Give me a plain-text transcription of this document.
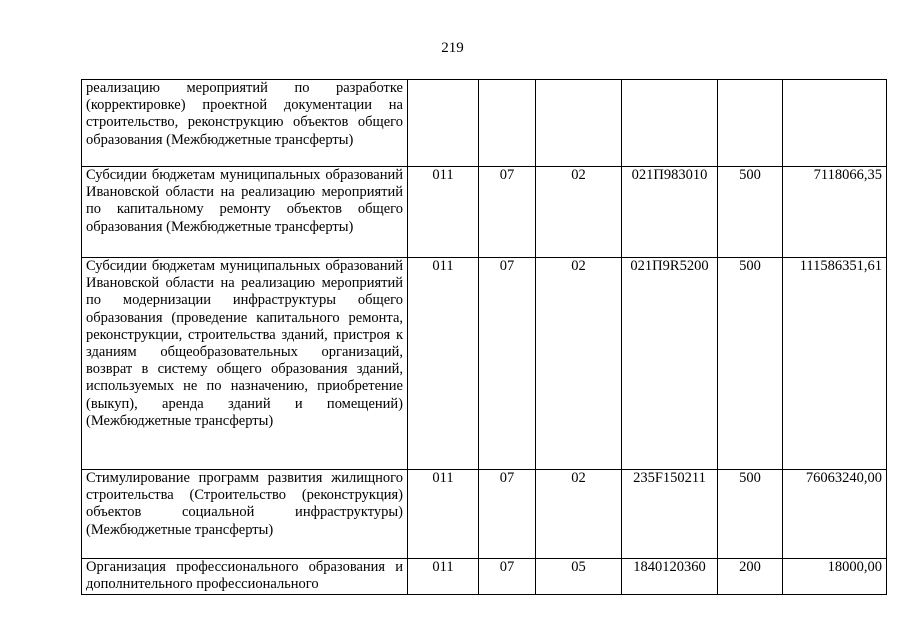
219
реализацию мероприятий по разработке (корректировке) проектной документации на строительство, реконструкцию объектов общего образования (Межбюджетные трансферты)						
Субсидии бюджетам муниципальных образований Ивановской области на реализацию мероприятий по капитальному ремонту объектов общего образования (Межбюджетные трансферты)	011	07	02	021П983010	500	7118066,35
Субсидии бюджетам муниципальных образований Ивановской области на реализацию мероприятий по модернизации инфраструктуры общего образования (проведение капитального ремонта, реконструкции, строительства зданий, пристроя к зданиям общеобразовательных организаций, возврат в систему общего образования зданий, используемых не по назначению, приобретение (выкуп), аренда зданий и помещений) (Межбюджетные трансферты)	011	07	02	021П9R5200	500	111586351,61
Стимулирование программ развития жилищного строительства (Строительство (реконструкция) объектов социальной инфраструктуры) (Межбюджетные трансферты)	011	07	02	235F150211	500	76063240,00
Организация профессионального образования и дополнительного профессионального	011	07	05	1840120360	200	18000,00
